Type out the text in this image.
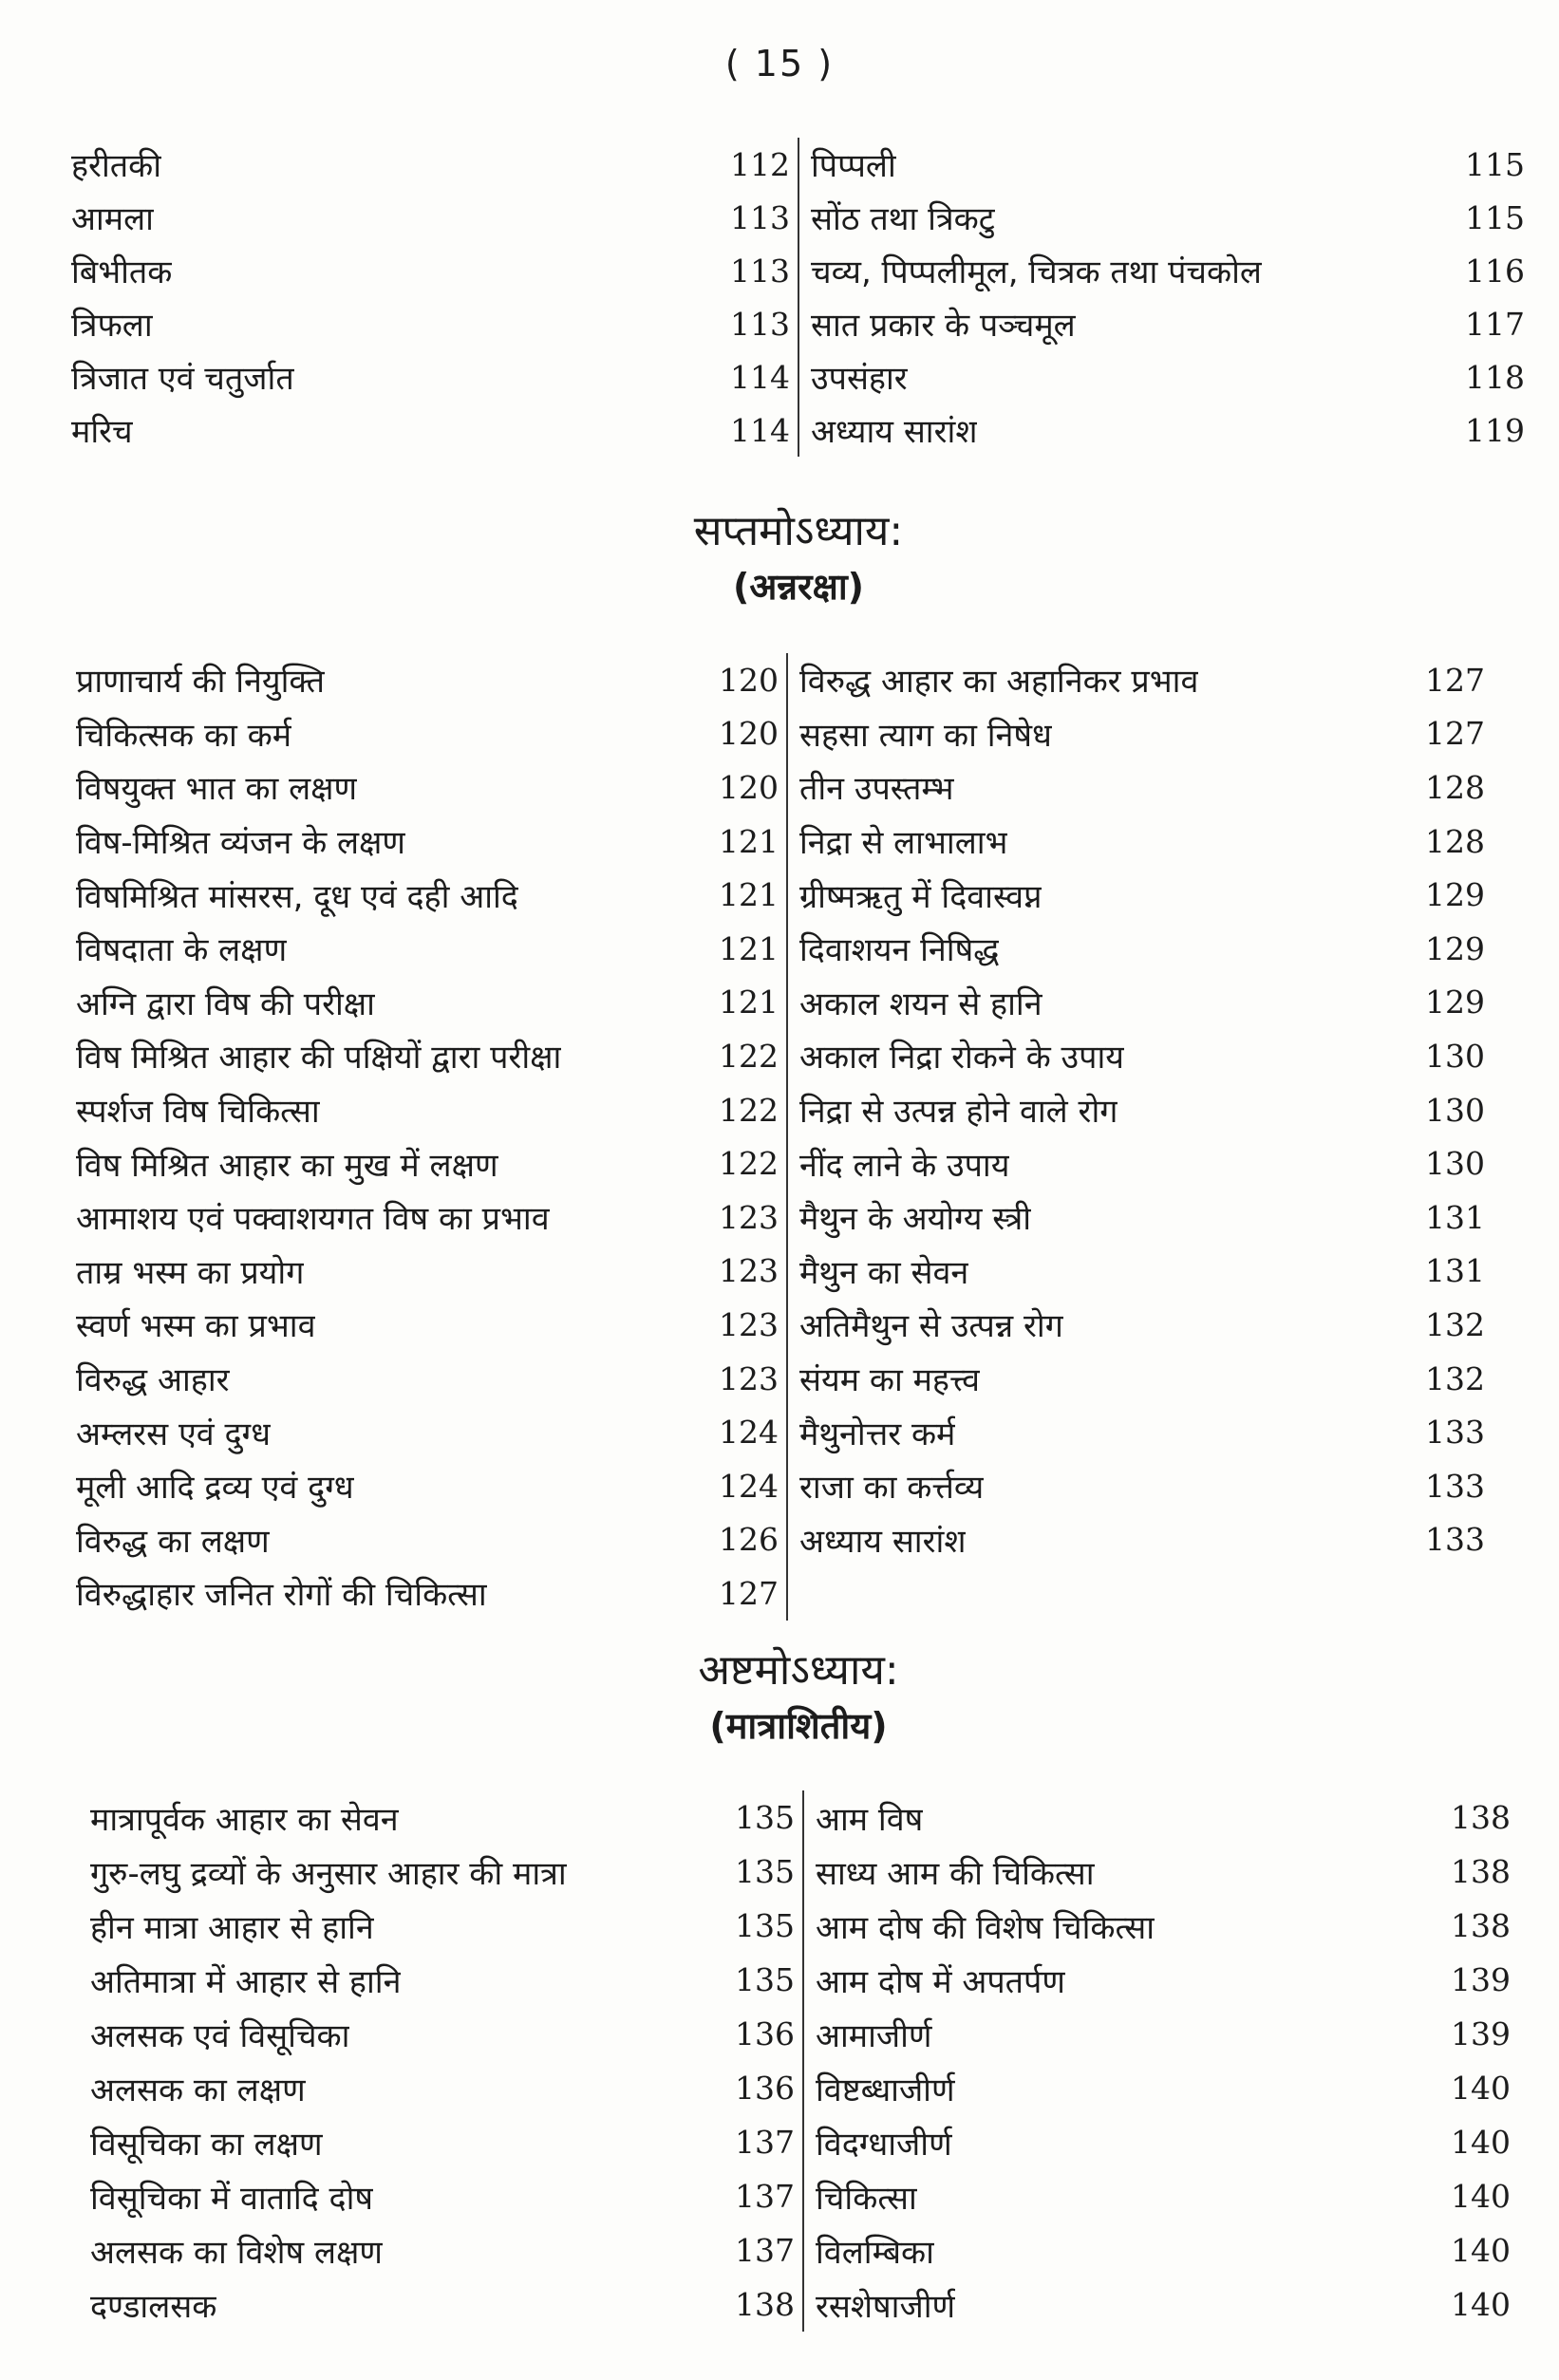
( 15 )
हरीतकी	112
आमला	113
बिभीतक	113
त्रिफला	113
त्रिजात एवं चतुर्जात	114
मरिच	114
पिप्पली	115
सोंठ तथा त्रिकटु	115
चव्य, पिप्पलीमूल, चित्रक तथा पंचकोल	116
सात प्रकार के पञ्चमूल	117
उपसंहार	118
अध्याय सारांश	119
सप्तमोऽध्याय:
(अन्नरक्षा)
प्राणाचार्य की नियुक्ति	120
चिकित्सक का कर्म	120
विषयुक्त भात का लक्षण	120
विष-मिश्रित व्यंजन के लक्षण	121
विषमिश्रित मांसरस, दूध एवं दही आदि	121
विषदाता के लक्षण	121
अग्नि द्वारा विष की परीक्षा	121
विष मिश्रित आहार की पक्षियों द्वारा परीक्षा	122
स्पर्शज विष चिकित्सा	122
विष मिश्रित आहार का मुख में लक्षण	122
आमाशय एवं पक्वाशयगत विष का प्रभाव	123
ताम्र भस्म का प्रयोग	123
स्वर्ण भस्म का प्रभाव	123
विरुद्ध आहार	123
अम्लरस एवं दुग्ध	124
मूली आदि द्रव्य एवं दुग्ध	124
विरुद्ध का लक्षण	126
विरुद्धाहार जनित रोगों की चिकित्सा	127
विरुद्ध आहार का अहानिकर प्रभाव	127
सहसा त्याग का निषेध	127
तीन उपस्तम्भ	128
निद्रा से लाभालाभ	128
ग्रीष्मऋतु में दिवास्वप्न	129
दिवाशयन निषिद्ध	129
अकाल शयन से हानि	129
अकाल निद्रा रोकने के उपाय	130
निद्रा से उत्पन्न होने वाले रोग	130
नींद लाने के उपाय	130
मैथुन के अयोग्य स्त्री	131
मैथुन का सेवन	131
अतिमैथुन से उत्पन्न रोग	132
संयम का महत्त्व	132
मैथुनोत्तर कर्म	133
राजा का कर्त्तव्य	133
अध्याय सारांश	133
अष्टमोऽध्याय:
(मात्राशितीय)
मात्रापूर्वक आहार का सेवन	135
गुरु-लघु द्रव्यों के अनुसार आहार की मात्रा	135
हीन मात्रा आहार से हानि	135
अतिमात्रा में आहार से हानि	135
अलसक एवं विसूचिका	136
अलसक का लक्षण	136
विसूचिका का लक्षण	137
विसूचिका में वातादि दोष	137
अलसक का विशेष लक्षण	137
दण्डालसक	138
आम विष	138
साध्य आम की चिकित्सा	138
आम दोष की विशेष चिकित्सा	138
आम दोष में अपतर्पण	139
आमाजीर्ण	139
विष्टब्धाजीर्ण	140
विदग्धाजीर्ण	140
चिकित्सा	140
विलम्बिका	140
रसशेषाजीर्ण	140
